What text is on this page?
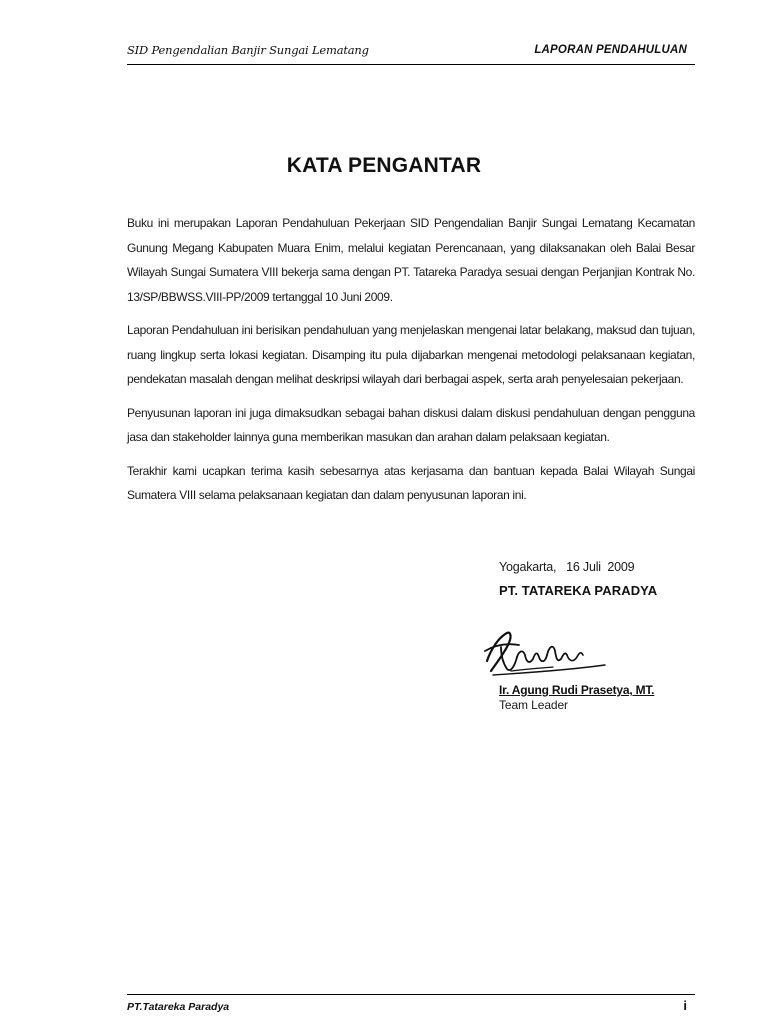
SID Pengendalian Banjir Sungai Lematang	LAPORAN PENDAHULUAN
KATA PENGANTAR

Buku ini merupakan Laporan Pendahuluan Pekerjaan SID Pengendalian Banjir Sungai Lematang Kecamatan Gunung Megang Kabupaten Muara Enim, melalui kegiatan Perencanaan, yang dilaksanakan oleh Balai Besar Wilayah Sungai Sumatera VIII bekerja sama dengan PT. Tatareka Paradya sesuai dengan Perjanjian Kontrak No. 13/SP/BBWSS.VIII-PP/2009 tertanggal 10 Juni 2009.

Laporan Pendahuluan ini berisikan pendahuluan yang menjelaskan mengenai latar belakang, maksud dan tujuan, ruang lingkup serta lokasi kegiatan. Disamping itu pula dijabarkan mengenai metodologi pelaksanaan kegiatan, pendekatan masalah dengan melihat deskripsi wilayah dari berbagai aspek, serta arah penyelesaian pekerjaan.

Penyusunan laporan ini juga dimaksudkan sebagai bahan diskusi dalam diskusi pendahuluan dengan pengguna jasa dan stakeholder lainnya guna memberikan masukan dan arahan dalam pelaksaan kegiatan.

Terakhir kami ucapkan terima kasih sebesarnya atas kerjasama dan bantuan kepada Balai Wilayah Sungai Sumatera VIII selama pelaksanaan kegiatan dan dalam penyusunan laporan ini.

Yogakarta,   16 Juli  2009
PT. TATAREKA PARADYA
Ir. Agung Rudi Prasetya, MT.
Team Leader
PT.Tatareka Paradya	i
